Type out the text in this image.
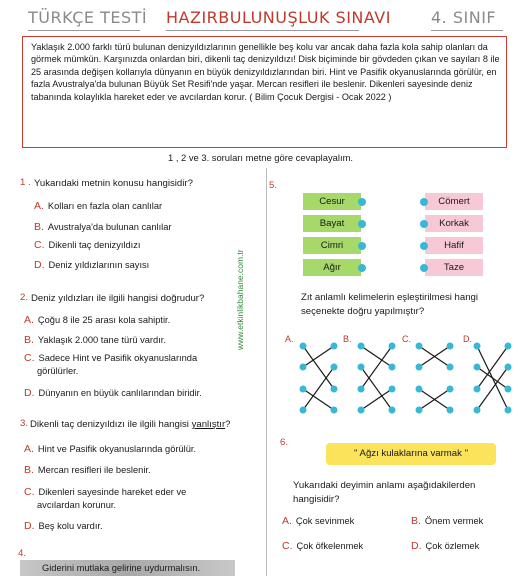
TÜRKÇE TESTİ HAZIRBULUNUŞLUK SINAVI	4. SINIF
Yaklaşık 2.000 farklı türü bulunan denizyıldızlarının genellikle beş kolu var ancak daha fazla kola sahip olanları da görmek mümkün. Karşınızda onlardan biri, dikenli taç denizyıldızı! Disk biçiminde bir gövdeden çıkan ve sayıları 8 ile 25 arasında değişen kollarıyla dünyanın en büyük denizyıldızlarından biri. Hint ve Pasifik okyanuslarında görülür, en fazla Avustralya'da bulunan Büyük Set Resifi'nde yaşar. Mercan resifleri ile beslenir. Dikenleri sayesinde deniz tabanında kolaylıkla hareket eder ve avcılardan korur. ( Bilim Çocuk Dergisi - Ocak 2022 )
1 , 2 ve 3. soruları metne göre cevaplayalım.
www.etkinlikbahane.com.tr
1 . Yukarıdaki metnin konusu hangisidir?
A. Kolları en fazla olan canlılar
B. Avustralya'da bulunan canlılar
C. Dikenli taç denizyıldızı
D. Deniz yıldızlarının sayısı
2. Deniz yıldızları ile ilgili hangisi doğrudur?
A. Çoğu 8 ile 25 arası kola sahiptir.
B. Yaklaşık 2.000 tane türü vardır.
C. Sadece Hint ve Pasifik okyanuslarında
görülürler.
D. Dünyanın en büyük canlılarından biridir.
3. Dikenli taç denizyıldızı ile ilgili hangisi yanlıştır?
A. Hint ve Pasifik okyanuslarında görülür.
B. Mercan resifleri ile beslenir.
C. Dikenleri sayesinde hareket eder ve
avcılardan korunur.
D. Beş kolu vardır.
4.
Giderini mutlaka gelirine uydurmalısın.
5.
Cesur
Bayat
Cimri
Ağır
Cömert
Korkak
Hafif
Taze
Zıt anlamlı kelimelerin eşleştirilmesi hangi
seçenekte doğru yapılmıştır?
A.	B.	C.	D.
6.
" Ağzı kulaklarına varmak "
Yukarıdaki deyimin anlamı aşağıdakilerden
hangisidir?
A. Çok sevinmek	B. Önem vermek
C. Çok öfkelenmek	D. Çok özlemek
